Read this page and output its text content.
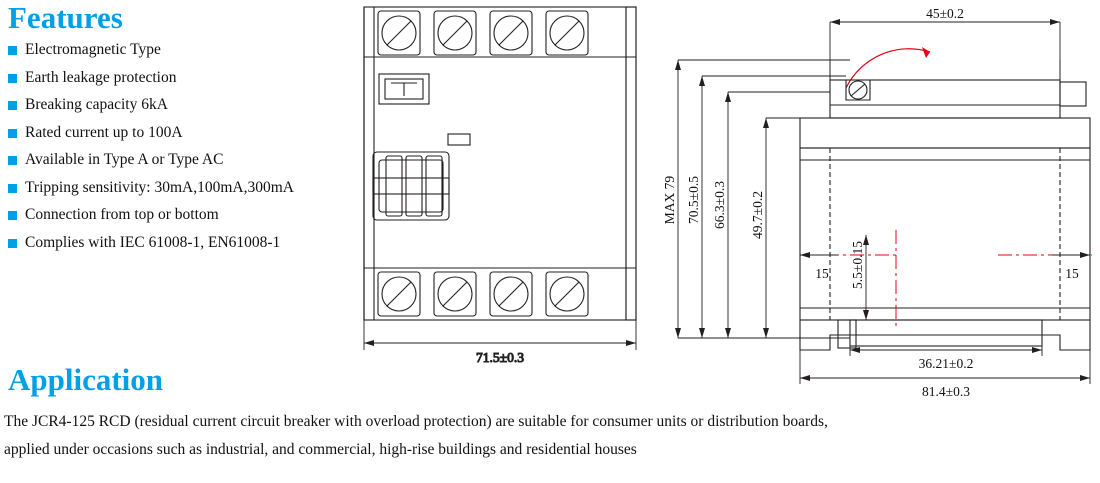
Features
Electromagnetic Type
Earth leakage protection
Breaking capacity 6kA
Rated current up to 100A
Available in Type A or Type AC
Tripping sensitivity: 30mA,100mA,300mA
Connection from top or bottom
Complies with IEC 61008-1, EN61008-1
Application
The JCR4-125 RCD (residual current circuit breaker with overload protection) are suitable for consumer units or distribution boards,
applied under occasions such as industrial, and commercial, high-rise buildings and residential houses
71.5±0.3
45±0.2
MAX 79 70.5±0.5 66.3±0.3 49.7±0.2
5.5±0.15
15	15
36.21±0.2
81.4±0.3
